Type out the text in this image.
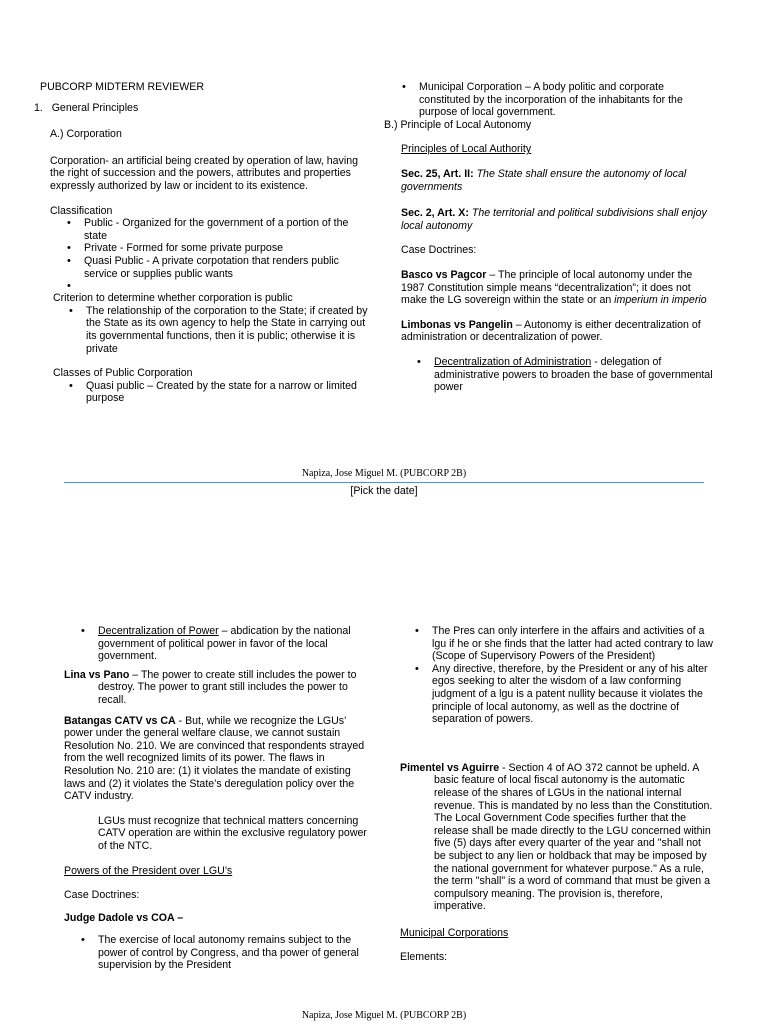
PUBCORP MIDTERM REVIEWER

1. General Principles

A.) Corporation

Corporation- an artificial being created by operation of law, having the right of succession and the powers, attributes and properties expressly authorized by law or incident to its existence.

Classification

• Public - Organized for the government of a portion of the state
• Private - Formed for some private purpose
• Quasi Public - A private corpotation that renders public service or supplies public wants
•

Criterion to determine whether corporation is public

• The relationship of the corporation to the State; if created by the State as its own agency to help the State in carrying out its governmental functions, then it is public; otherwise it is private

Classes of Public Corporation

• Quasi public – Created by the state for a narrow or limited purpose
• Municipal Corporation – A body politic and corporate constituted by the incorporation of the inhabitants for the purpose of local government.

B.) Principle of Local Autonomy

Principles of Local Authority

Sec. 25, Art. II: The State shall ensure the autonomy of local governments

Sec. 2, Art. X: The territorial and political subdivisions shall enjoy local autonomy

Case Doctrines:

Basco vs Pagcor – The principle of local autonomy under the 1987 Constitution simple means “decentralization”; it does not make the LG sovereign within the state or an imperium in imperio

Limbonas vs Pangelin – Autonomy is either decentralization of administration or decentralization of power.

• Decentralization of Administration - delegation of administrative powers to broaden the base of governmental power
Napiza, Jose Miguel M. (PUBCORP 2B)
[Pick the date]
• Decentralization of Power – abdication by the national government of political power in favor of the local government.

Lina vs Pano – The power to create still includes the power to destroy. The power to grant still includes the power to recall.

Batangas CATV vs CA - But, while we recognize the LGUs’ power under the general welfare clause, we cannot sustain Resolution No. 210. We are convinced that respondents strayed from the well recognized limits of its power. The flaws in Resolution No. 210 are: (1) it violates the mandate of existing laws and (2) it violates the State’s deregulation policy over the CATV industry.

LGUs must recognize that technical matters concerning CATV operation are within the exclusive regulatory power of the NTC.

Powers of the President over LGU’s

Case Doctrines:

Judge Dadole vs COA –

• The exercise of local autonomy remains subject to the power of control by Congress, and tha power of general supervision by the President
• The Pres can only interfere in the affairs and activities of a lgu if he or she finds that the latter had acted contrary to law (Scope of Supervisory Powers of the President)
• Any directive, therefore, by the President or any of his alter egos seeking to alter the wisdom of a law conforming judgment of a lgu is a patent nullity because it violates the principle of local autonomy, as well as the doctrine of separation of powers.

Pimentel vs Aguirre - Section 4 of AO 372 cannot be upheld. A basic feature of local fiscal autonomy is the automatic release of the shares of LGUs in the national internal revenue. This is mandated by no less than the Constitution. The Local Government Code specifies further that the release shall be made directly to the LGU concerned within five (5) days after every quarter of the year and "shall not be subject to any lien or holdback that may be imposed by the national government for whatever purpose." As a rule, the term "shall" is a word of command that must be given a compulsory meaning. The provision is, therefore, imperative.

Municipal Corporations

Elements:

Napiza, Jose Miguel M. (PUBCORP 2B)
